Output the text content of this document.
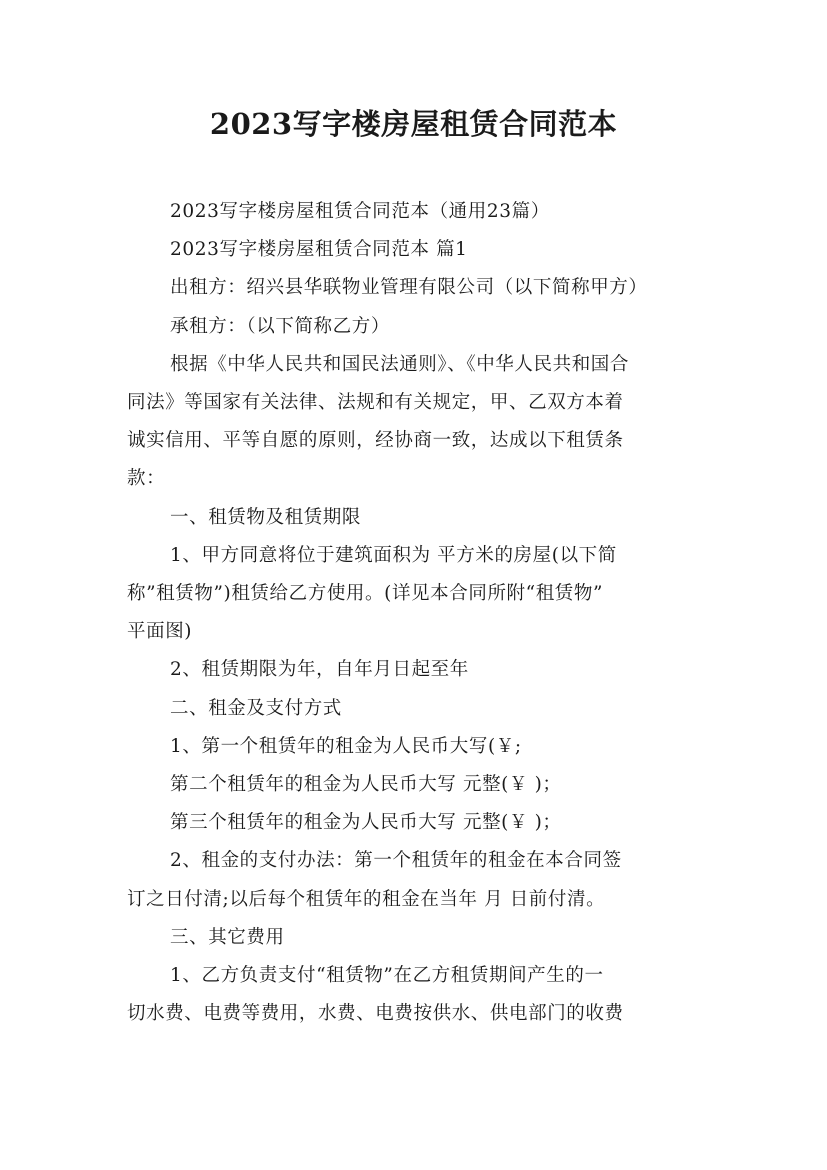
2023写字楼房屋租赁合同范本
2023写字楼房屋租赁合同范本（通用23篇）
2023写字楼房屋租赁合同范本 篇1
出租方：绍兴县华联物业管理有限公司（以下简称甲方）
承租方：（以下简称乙方）
根据《中华人民共和国民法通则》、《中华人民共和国合
同法》等国家有关法律、法规和有关规定，甲、乙双方本着
诚实信用、平等自愿的原则，经协商一致，达成以下租赁条
款：
一、租赁物及租赁期限
1、甲方同意将位于建筑面积为 平方米的房屋(以下简
称”租赁物”)租赁给乙方使用。(详见本合同所附“租赁物”
平面图)
2、租赁期限为年，自年月日起至年
二、租金及支付方式
1、第一个租赁年的租金为人民币大写(￥;
第二个租赁年的租金为人民币大写 元整(￥ )；
第三个租赁年的租金为人民币大写 元整(￥ )；
2、租金的支付办法：第一个租赁年的租金在本合同签
订之日付清;以后每个租赁年的租金在当年 月 日前付清。
三、其它费用
1、乙方负责支付“租赁物”在乙方租赁期间产生的一
切水费、电费等费用，水费、电费按供水、供电部门的收费
